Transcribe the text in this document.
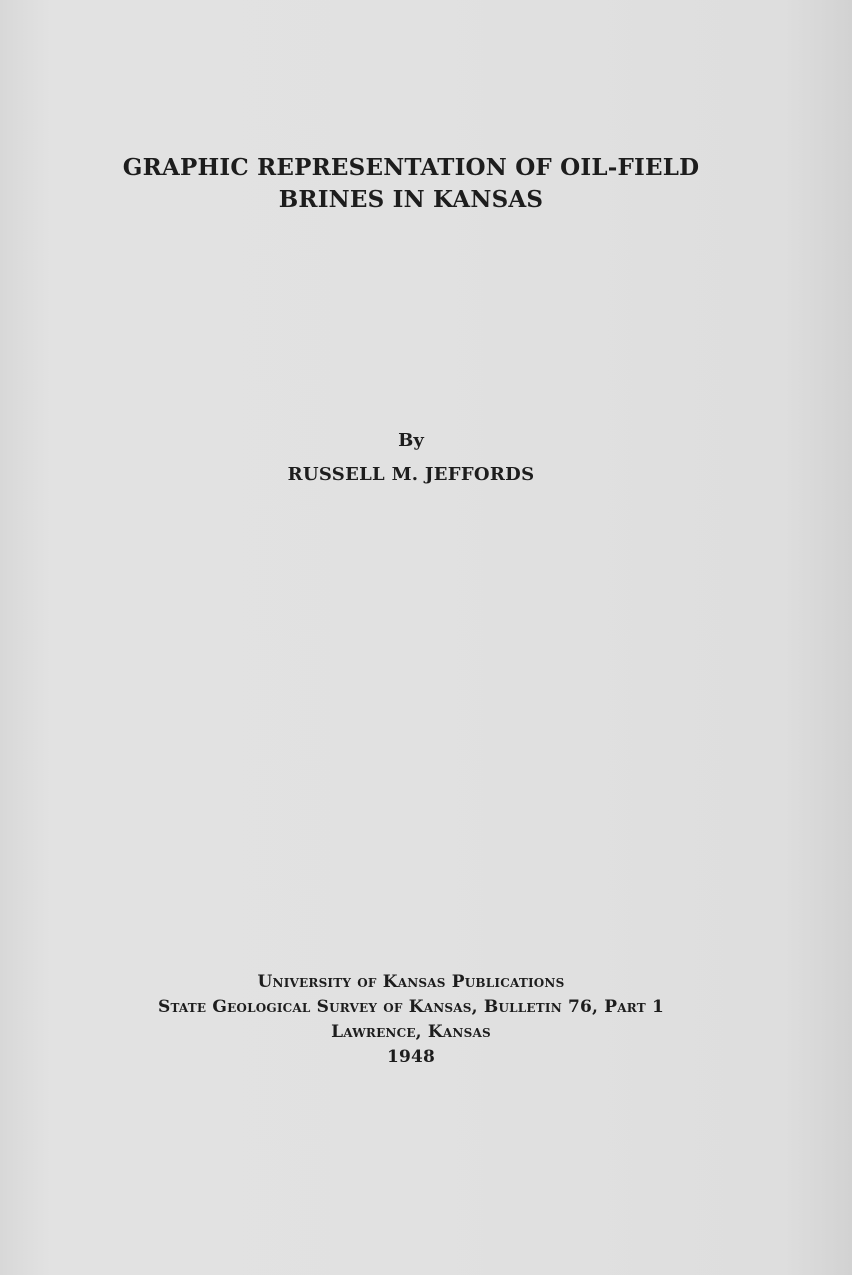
GRAPHIC REPRESENTATION OF OIL-FIELD
BRINES IN KANSAS
By
RUSSELL M. JEFFORDS
University of Kansas Publications
State Geological Survey of Kansas, Bulletin 76, Part 1
Lawrence, Kansas
1948
